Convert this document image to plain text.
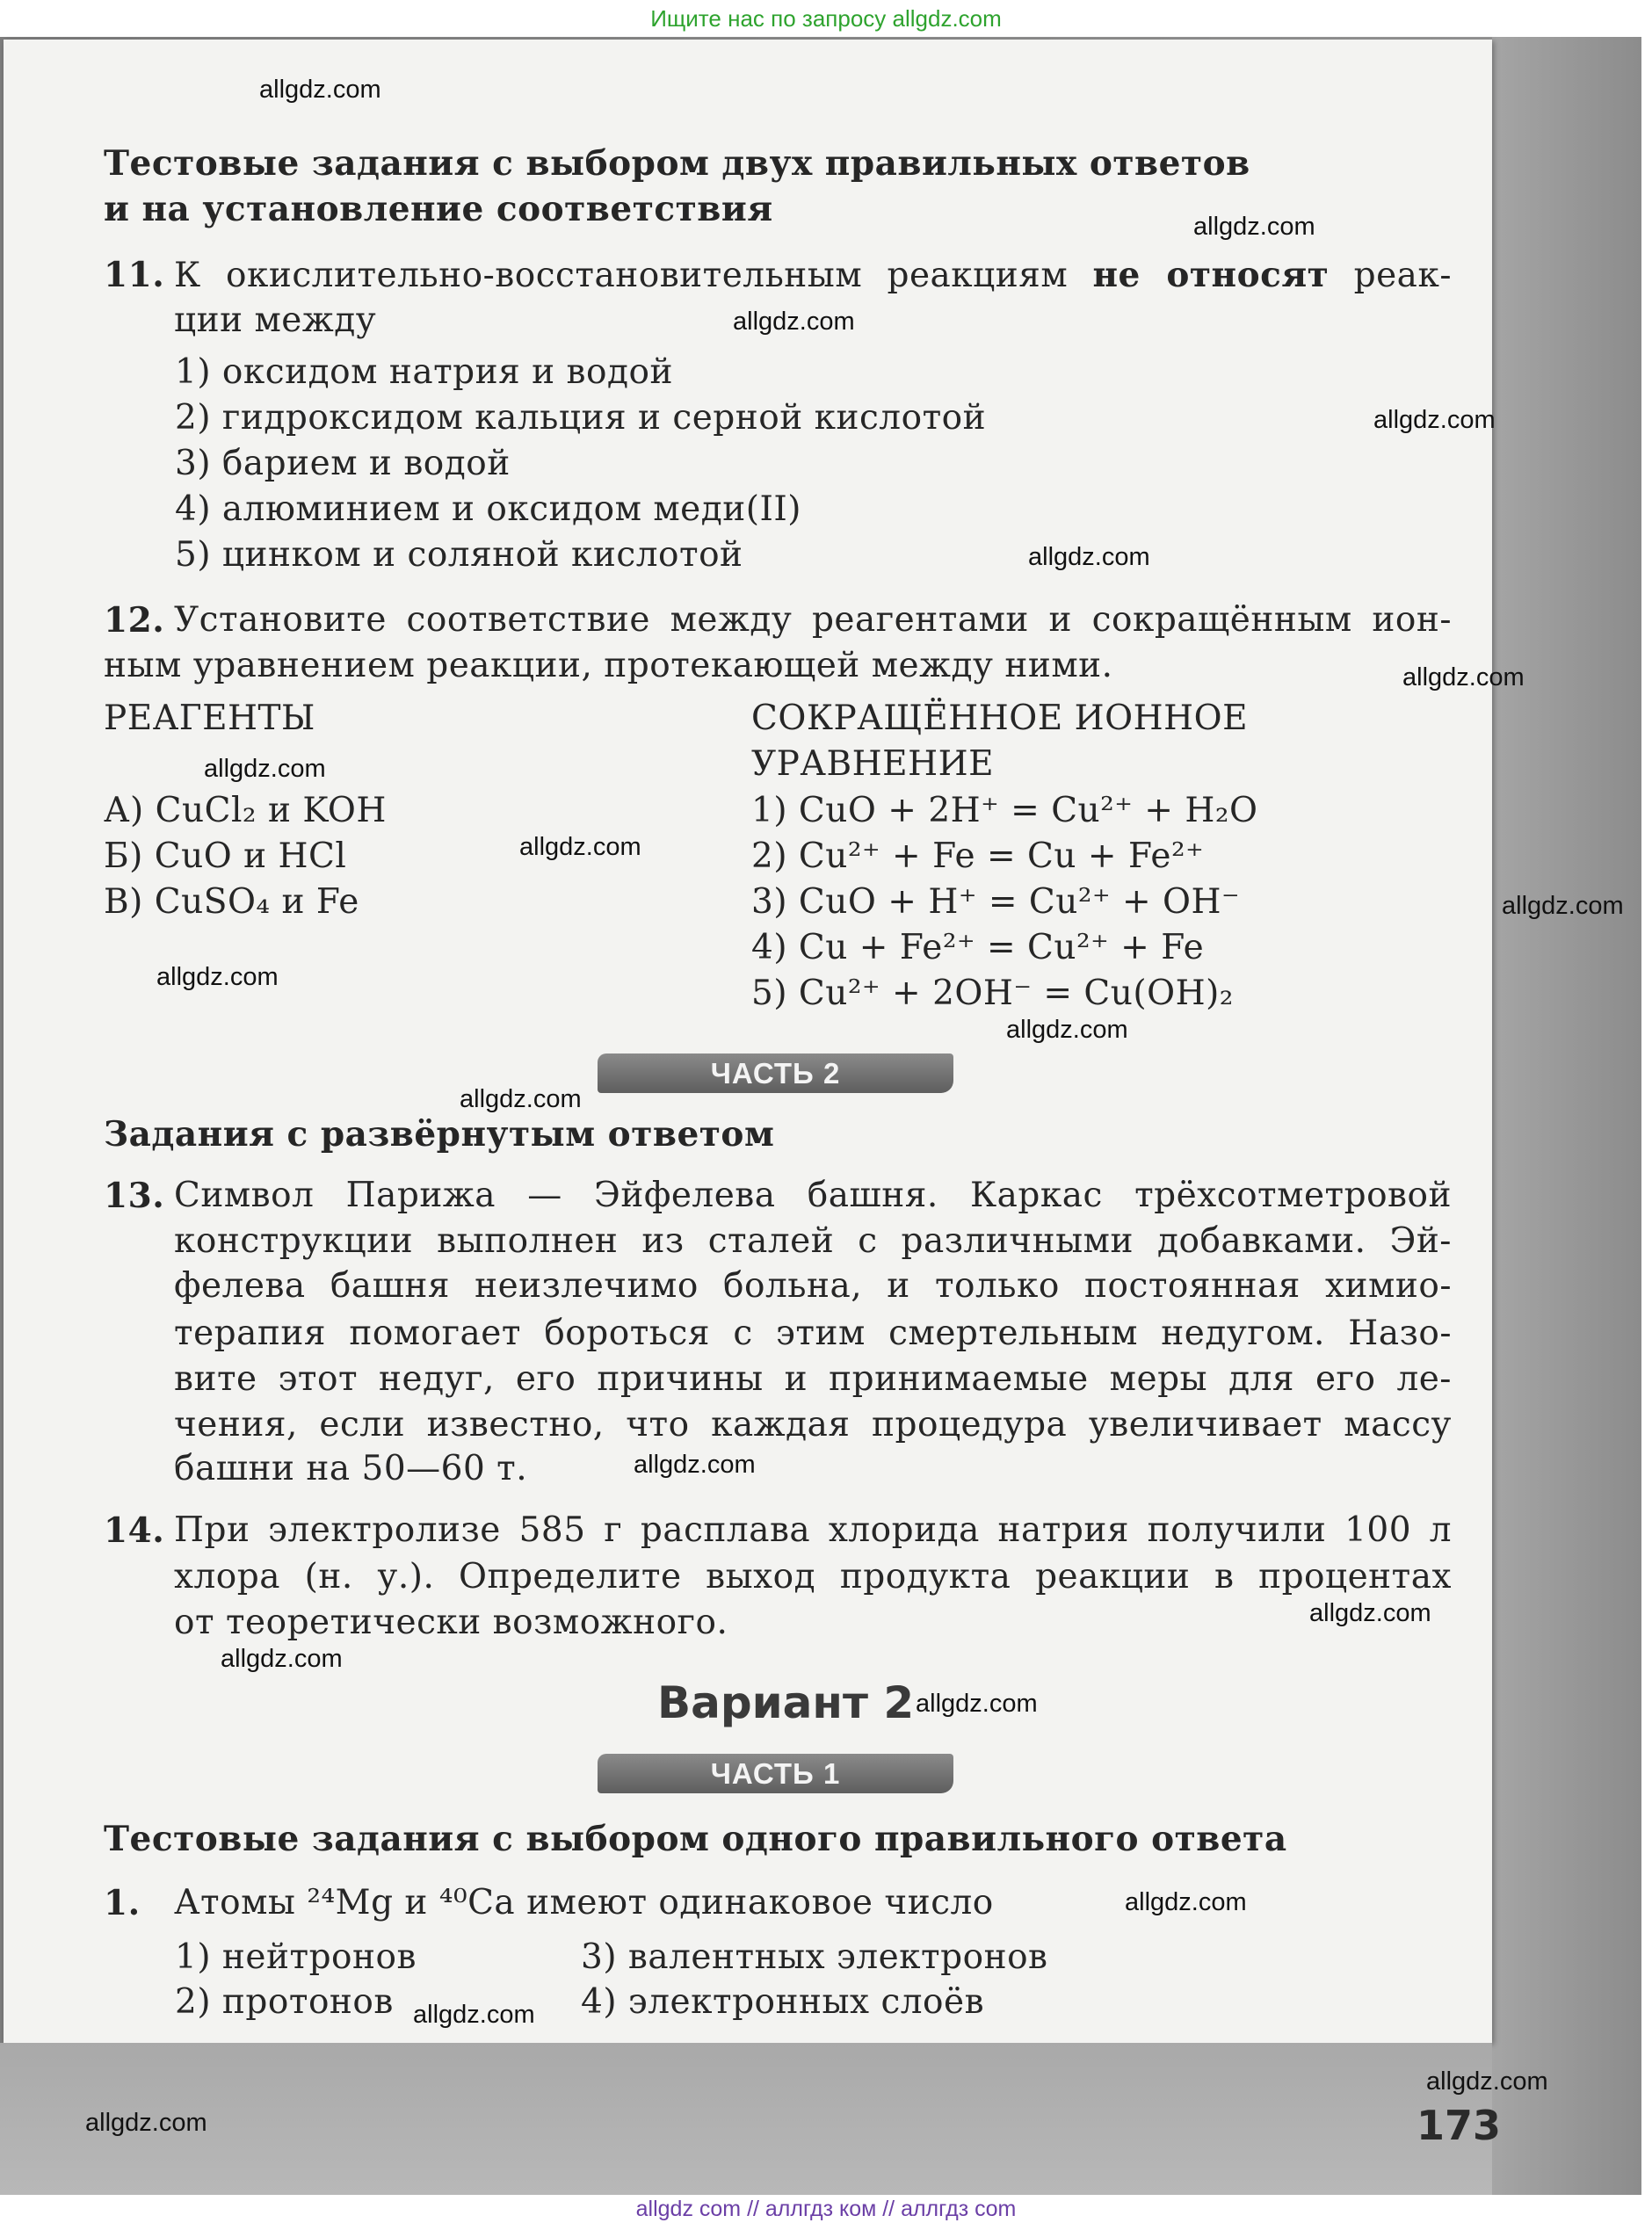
Ищите нас по запросу allgdz.com
allgdz com // аллгдз ком // аллгдз com
Тестовые задания с выбором двух правильных ответов
и на установление соответствия
11. К окислительно-восстановительным реакциям не относят реак-
ции между
1) оксидом натрия и водой
2) гидроксидом кальция и серной кислотой
3) барием и водой
4) алюминием и оксидом меди(II)
5) цинком и соляной кислотой
12. Установите соответствие между реагентами и сокращённым ион-
ным уравнением реакции, протекающей между ними.
РЕАГЕНТЫ	СОКРАЩЁННОЕ ИОННОЕ
УРАВНЕНИЕ
А) CuCl₂ и KOH
Б) CuO и HCl
В) CuSO₄ и Fe
1) CuO + 2H⁺ = Cu²⁺ + H₂O
2) Cu²⁺ + Fe = Cu + Fe²⁺
3) CuO + H⁺ = Cu²⁺ + OH⁻
4) Cu + Fe²⁺ = Cu²⁺ + Fe
5) Cu²⁺ + 2OH⁻ = Cu(OH)₂
ЧАСТЬ 2
Задания с развёрнутым ответом
13. Символ Парижа — Эйфелева башня. Каркас трёхсотметровой
конструкции выполнен из сталей с различными добавками. Эй-
фелева башня неизлечимо больна, и только постоянная химио-
терапия помогает бороться с этим смертельным недугом. Назо-
вите этот недуг, его причины и принимаемые меры для его ле-
чения, если известно, что каждая процедура увеличивает массу
башни на 50—60 т.
14. При электролизе 585 г расплава хлорида натрия получили 100 л
хлора (н. у.). Определите выход продукта реакции в процентах
от теоретически возможного.
Вариант 2
ЧАСТЬ 1
Тестовые задания с выбором одного правильного ответа
1. Атомы ²⁴Mg и ⁴⁰Ca имеют одинаковое число
1) нейтронов
2) протонов
3) валентных электронов
4) электронных слоёв
173
allgdz.com
allgdz.com
allgdz.com
allgdz.com
allgdz.com
allgdz.com
allgdz.com
allgdz.com
allgdz.com
allgdz.com
allgdz.com
allgdz.com
allgdz.com
allgdz.com
allgdz.com
allgdz.com
allgdz.com
allgdz.com
allgdz.com
allgdz.com
